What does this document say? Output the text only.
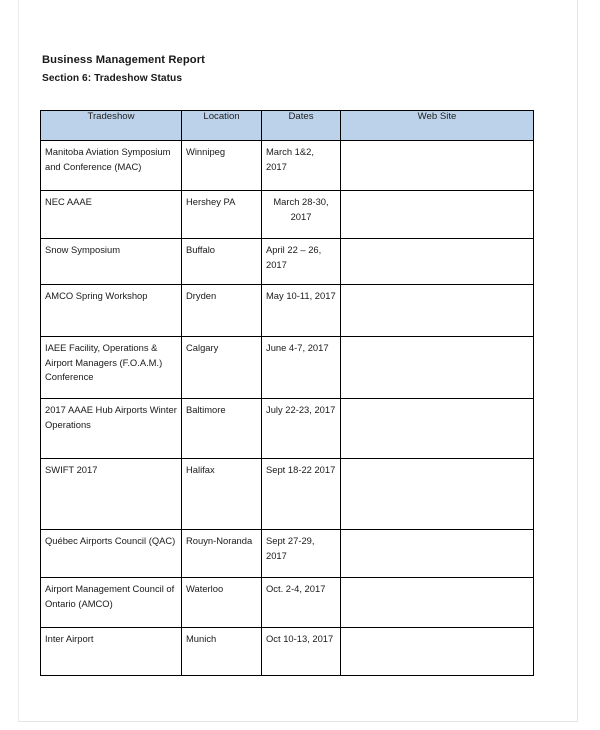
Business Management Report
Section 6: Tradeshow Status
Tradeshow	Location	Dates	Web Site

Manitoba Aviation Symposium and Conference (MAC)	Winnipeg	March 1&2, 2017	

NEC AAAE	Hershey PA	March 28-30, 2017	

Snow Symposium	Buffalo	April 22 – 26, 2017	

AMCO Spring Workshop	Dryden	May 10-11, 2017	

IAEE Facility, Operations & Airport Managers (F.O.A.M.) Conference	Calgary	June 4-7, 2017	

2017 AAAE Hub Airports Winter Operations	Baltimore	July 22-23, 2017	

SWIFT 2017	Halifax	Sept 18-22 2017	

Québec Airports Council (QAC)	Rouyn-Noranda	Sept 27-29, 2017	

Airport Management Council of Ontario (AMCO)	Waterloo	Oct. 2-4, 2017	

Inter Airport	Munich	Oct 10-13, 2017	
